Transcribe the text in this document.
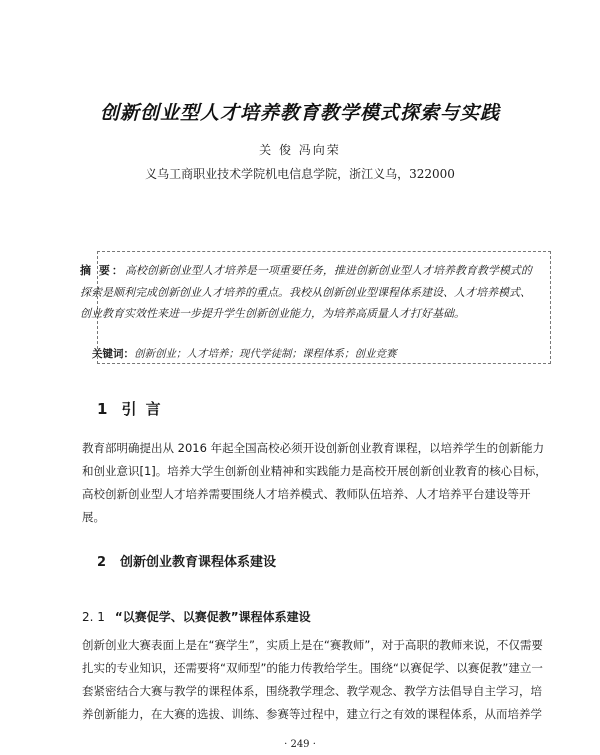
创新创业型人才培养教育教学模式探索与实践
关 俊 冯向荣
义乌工商职业技术学院机电信息学院，浙江义乌，322000
摘 要：高校创新创业型人才培养是一项重要任务，推进创新创业型人才培养教育教学模式的探索是顺利完成创新创业人才培养的重点。我校从创新创业型课程体系建设、人才培养模式、创业教育实效性来进一步提升学生创新创业能力，为培养高质量人才打好基础。
关键词：创新创业；人才培养；现代学徒制；课程体系；创业竞赛
1 引 言

教育部明确提出从 2016 年起全国高校必须开设创新创业教育课程，以培养学生的创新能力和创业意识[1]。培养大学生创新创业精神和实践能力是高校开展创新创业教育的核心目标，高校创新创业型人才培养需要围绕人才培养模式、教师队伍培养、人才培养平台建设等开展。

2 创新创业教育课程体系建设
2. 1 “以赛促学、以赛促教”课程体系建设

创新创业大赛表面上是在“赛学生”，实质上是在“赛教师”，对于高职的教师来说，不仅需要扎实的专业知识，还需要将“双师型”的能力传教给学生。围绕“以赛促学、以赛促教”建立一套紧密结合大赛与教学的课程体系，围绕教学理念、教学观念、教学方法倡导自主学习，培养创新能力，在大赛的选拔、训练、参赛等过程中，建立行之有效的课程体系，从而培养学

· 249 ·
